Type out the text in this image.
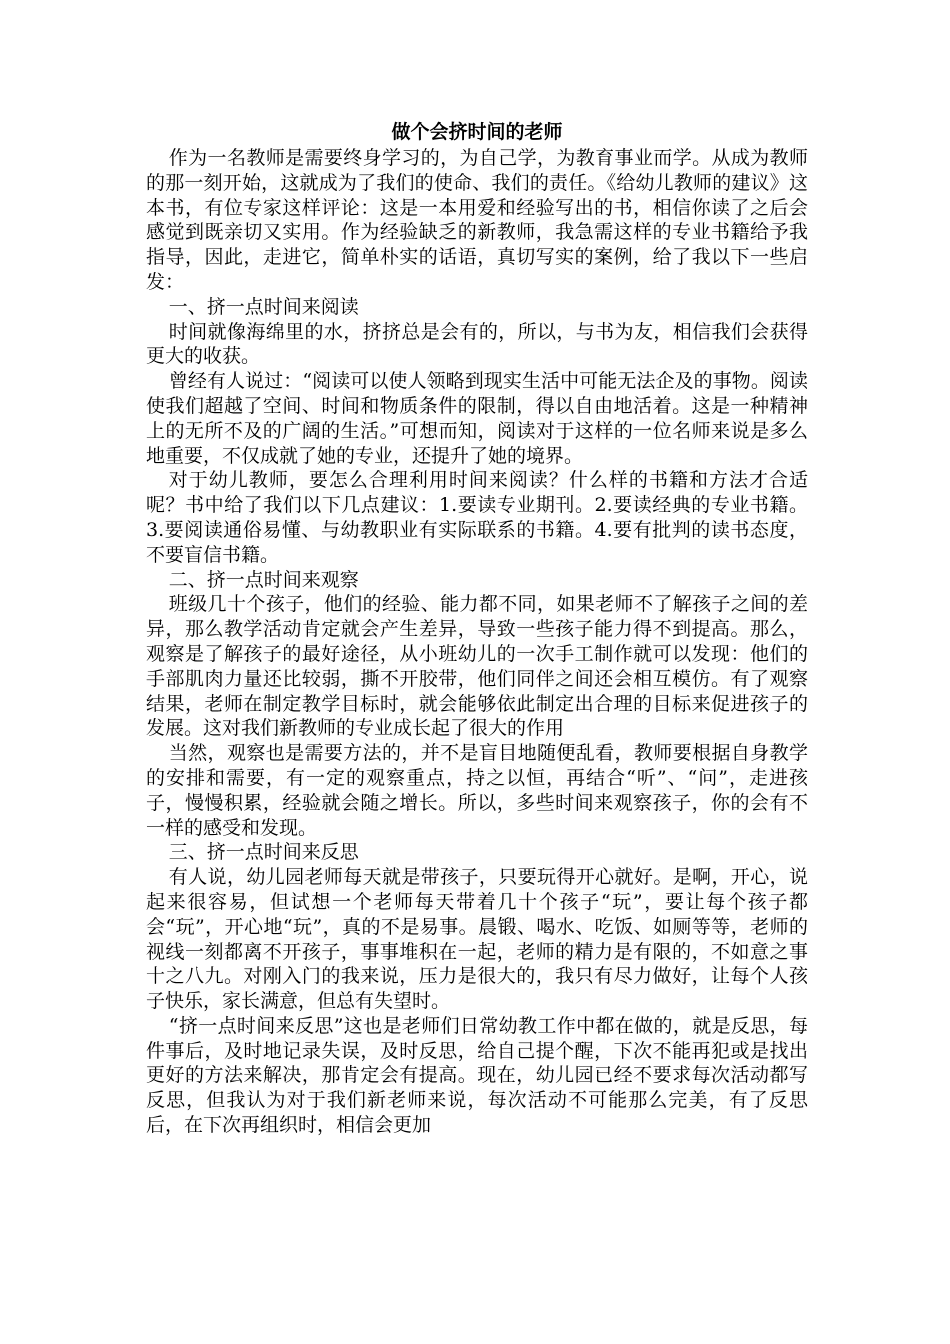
做个会挤时间的老师

作为一名教师是需要终身学习的，为自己学，为教育事业而学。从成为教师的那一刻开始，这就成为了我们的使命、我们的责任。《给幼儿教师的建议》这本书，有位专家这样评论：这是一本用爱和经验写出的书，相信你读了之后会感觉到既亲切又实用。作为经验缺乏的新教师，我急需这样的专业书籍给予我指导，因此，走进它，简单朴实的话语，真切写实的案例，给了我以下一些启发：

一、挤一点时间来阅读

时间就像海绵里的水，挤挤总是会有的，所以，与书为友，相信我们会获得更大的收获。

曾经有人说过：“阅读可以使人领略到现实生活中可能无法企及的事物。阅读使我们超越了空间、时间和物质条件的限制，得以自由地活着。这是一种精神上的无所不及的广阔的生活。”可想而知，阅读对于这样的一位名师来说是多么地重要，不仅成就了她的专业，还提升了她的境界。

对于幼儿教师，要怎么合理利用时间来阅读？什么样的书籍和方法才合适呢？书中给了我们以下几点建议：1.要读专业期刊。2.要读经典的专业书籍。3.要阅读通俗易懂、与幼教职业有实际联系的书籍。4.要有批判的读书态度，不要盲信书籍。

二、挤一点时间来观察

班级几十个孩子，他们的经验、能力都不同，如果老师不了解孩子之间的差异，那么教学活动肯定就会产生差异，导致一些孩子能力得不到提高。那么，观察是了解孩子的最好途径，从小班幼儿的一次手工制作就可以发现：他们的手部肌肉力量还比较弱，撕不开胶带，他们同伴之间还会相互模仿。有了观察结果，老师在制定教学目标时，就会能够依此制定出合理的目标来促进孩子的发展。这对我们新教师的专业成长起了很大的作用

当然，观察也是需要方法的，并不是盲目地随便乱看，教师要根据自身教学的安排和需要，有一定的观察重点，持之以恒，再结合“听”、“问”，走进孩子，慢慢积累，经验就会随之增长。所以，多些时间来观察孩子，你的会有不一样的感受和发现。

三、挤一点时间来反思

有人说，幼儿园老师每天就是带孩子，只要玩得开心就好。是啊，开心，说起来很容易，但试想一个老师每天带着几十个孩子“玩”，要让每个孩子都会“玩”，开心地“玩”，真的不是易事。晨锻、喝水、吃饭、如厕等等，老师的视线一刻都离不开孩子，事事堆积在一起，老师的精力是有限的，不如意之事十之八九。对刚入门的我来说，压力是很大的，我只有尽力做好，让每个人孩子快乐，家长满意，但总有失望时。

“挤一点时间来反思”这也是老师们日常幼教工作中都在做的，就是反思，每件事后，及时地记录失误，及时反思，给自己提个醒，下次不能再犯或是找出更好的方法来解决，那肯定会有提高。现在，幼儿园已经不要求每次活动都写反思，但我认为对于我们新老师来说，每次活动不可能那么完美，有了反思后，在下次再组织时，相信会更加
